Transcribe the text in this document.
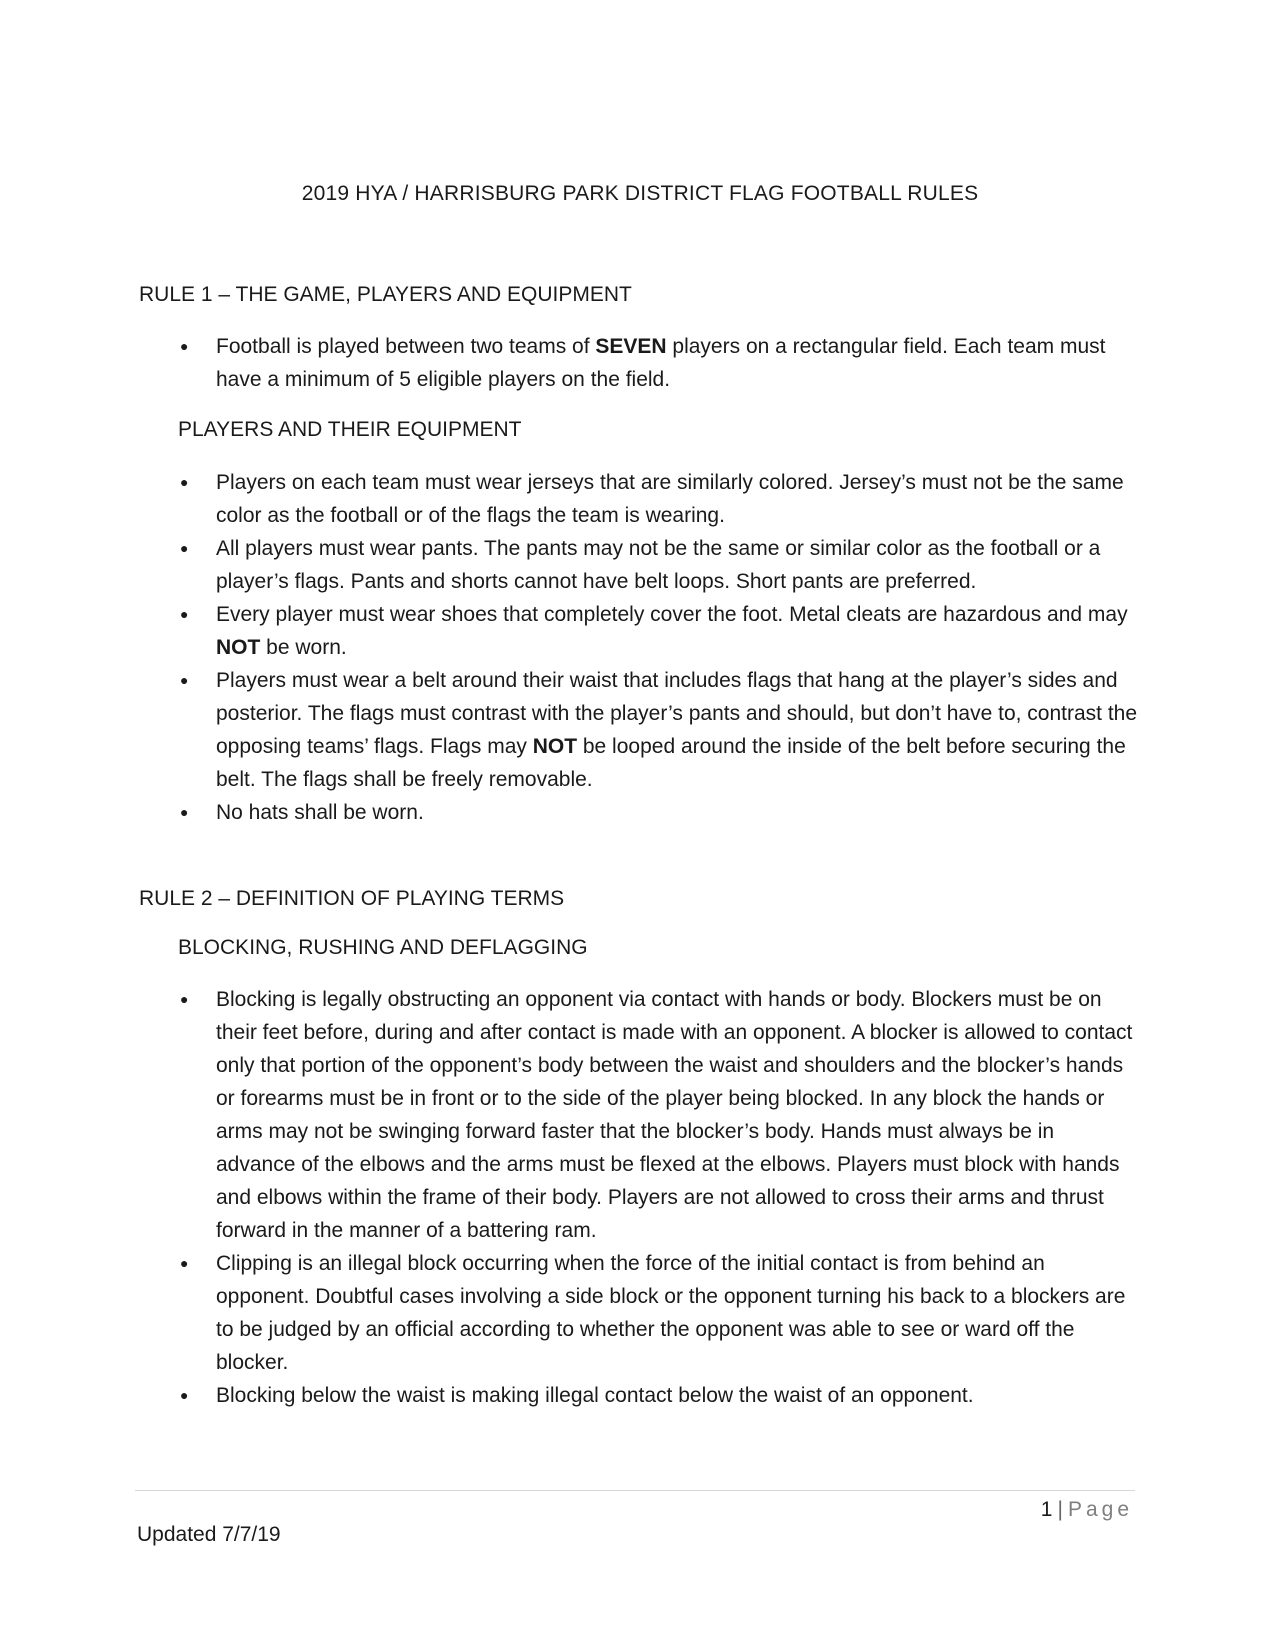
2019 HYA / HARRISBURG PARK DISTRICT FLAG FOOTBALL RULES
RULE 1 – THE GAME, PLAYERS AND EQUIPMENT
● Football is played between two teams of SEVEN players on a rectangular field. Each team must have a minimum of 5 eligible players on the field.
PLAYERS AND THEIR EQUIPMENT
● Players on each team must wear jerseys that are similarly colored. Jersey’s must not be the same color as the football or of the flags the team is wearing.
● All players must wear pants. The pants may not be the same or similar color as the football or a player’s flags. Pants and shorts cannot have belt loops. Short pants are preferred.
● Every player must wear shoes that completely cover the foot. Metal cleats are hazardous and may NOT be worn.
● Players must wear a belt around their waist that includes flags that hang at the player’s sides and posterior. The flags must contrast with the player’s pants and should, but don’t have to, contrast the opposing teams’ flags. Flags may NOT be looped around the inside of the belt before securing the belt. The flags shall be freely removable.
● No hats shall be worn.
RULE 2 – DEFINITION OF PLAYING TERMS
BLOCKING, RUSHING AND DEFLAGGING
● Blocking is legally obstructing an opponent via contact with hands or body. Blockers must be on their feet before, during and after contact is made with an opponent. A blocker is allowed to contact only that portion of the opponent’s body between the waist and shoulders and the blocker’s hands or forearms must be in front or to the side of the player being blocked. In any block the hands or arms may not be swinging forward faster that the blocker’s body. Hands must always be in advance of the elbows and the arms must be flexed at the elbows. Players must block with hands and elbows within the frame of their body. Players are not allowed to cross their arms and thrust forward in the manner of a battering ram.
● Clipping is an illegal block occurring when the force of the initial contact is from behind an opponent. Doubtful cases involving a side block or the opponent turning his back to a blockers are to be judged by an official according to whether the opponent was able to see or ward off the blocker.
● Blocking below the waist is making illegal contact below the waist of an opponent.
1 | Page
Updated 7/7/19
